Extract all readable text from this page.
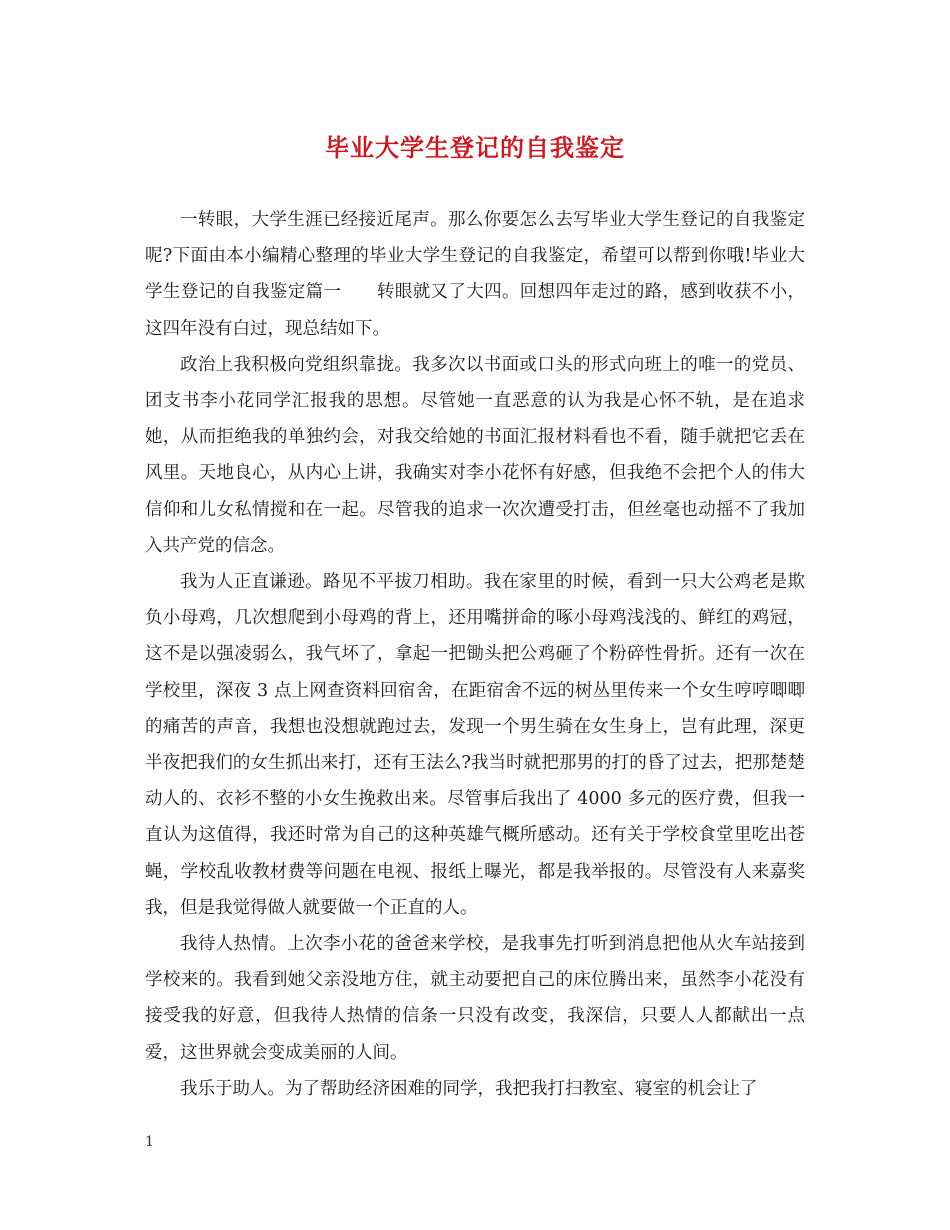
毕业大学生登记的自我鉴定

一转眼，大学生涯已经接近尾声。那么你要怎么去写毕业大学生登记的自我鉴定呢?下面由本小编精心整理的毕业大学生登记的自我鉴定，希望可以帮到你哦!毕业大学生登记的自我鉴定篇一　　转眼就又了大四。回想四年走过的路，感到收获不小，这四年没有白过，现总结如下。

政治上我积极向党组织靠拢。我多次以书面或口头的形式向班上的唯一的党员、团支书李小花同学汇报我的思想。尽管她一直恶意的认为我是心怀不轨，是在追求她，从而拒绝我的单独约会，对我交给她的书面汇报材料看也不看，随手就把它丢在风里。天地良心，从内心上讲，我确实对李小花怀有好感，但我绝不会把个人的伟大信仰和儿女私情搅和在一起。尽管我的追求一次次遭受打击，但丝毫也动摇不了我加入共产党的信念。

我为人正直谦逊。路见不平拔刀相助。我在家里的时候，看到一只大公鸡老是欺负小母鸡，几次想爬到小母鸡的背上，还用嘴拼命的啄小母鸡浅浅的、鲜红的鸡冠，这不是以强凌弱么，我气坏了，拿起一把锄头把公鸡砸了个粉碎性骨折。还有一次在学校里，深夜 3 点上网查资料回宿舍，在距宿舍不远的树丛里传来一个女生哼哼唧唧的痛苦的声音，我想也没想就跑过去，发现一个男生骑在女生身上，岂有此理，深更半夜把我们的女生抓出来打，还有王法么?我当时就把那男的打的昏了过去，把那楚楚动人的、衣衫不整的小女生挽救出来。尽管事后我出了 4000 多元的医疗费，但我一直认为这值得，我还时常为自己的这种英雄气概所感动。还有关于学校食堂里吃出苍蝇，学校乱收教材费等问题在电视、报纸上曝光，都是我举报的。尽管没有人来嘉奖我，但是我觉得做人就要做一个正直的人。

我待人热情。上次李小花的爸爸来学校，是我事先打听到消息把他从火车站接到学校来的。我看到她父亲没地方住，就主动要把自己的床位腾出来，虽然李小花没有接受我的好意，但我待人热情的信条一只没有改变，我深信，只要人人都献出一点爱，这世界就会变成美丽的人间。

我乐于助人。为了帮助经济困难的同学，我把我打扫教室、寝室的机会让了

1
